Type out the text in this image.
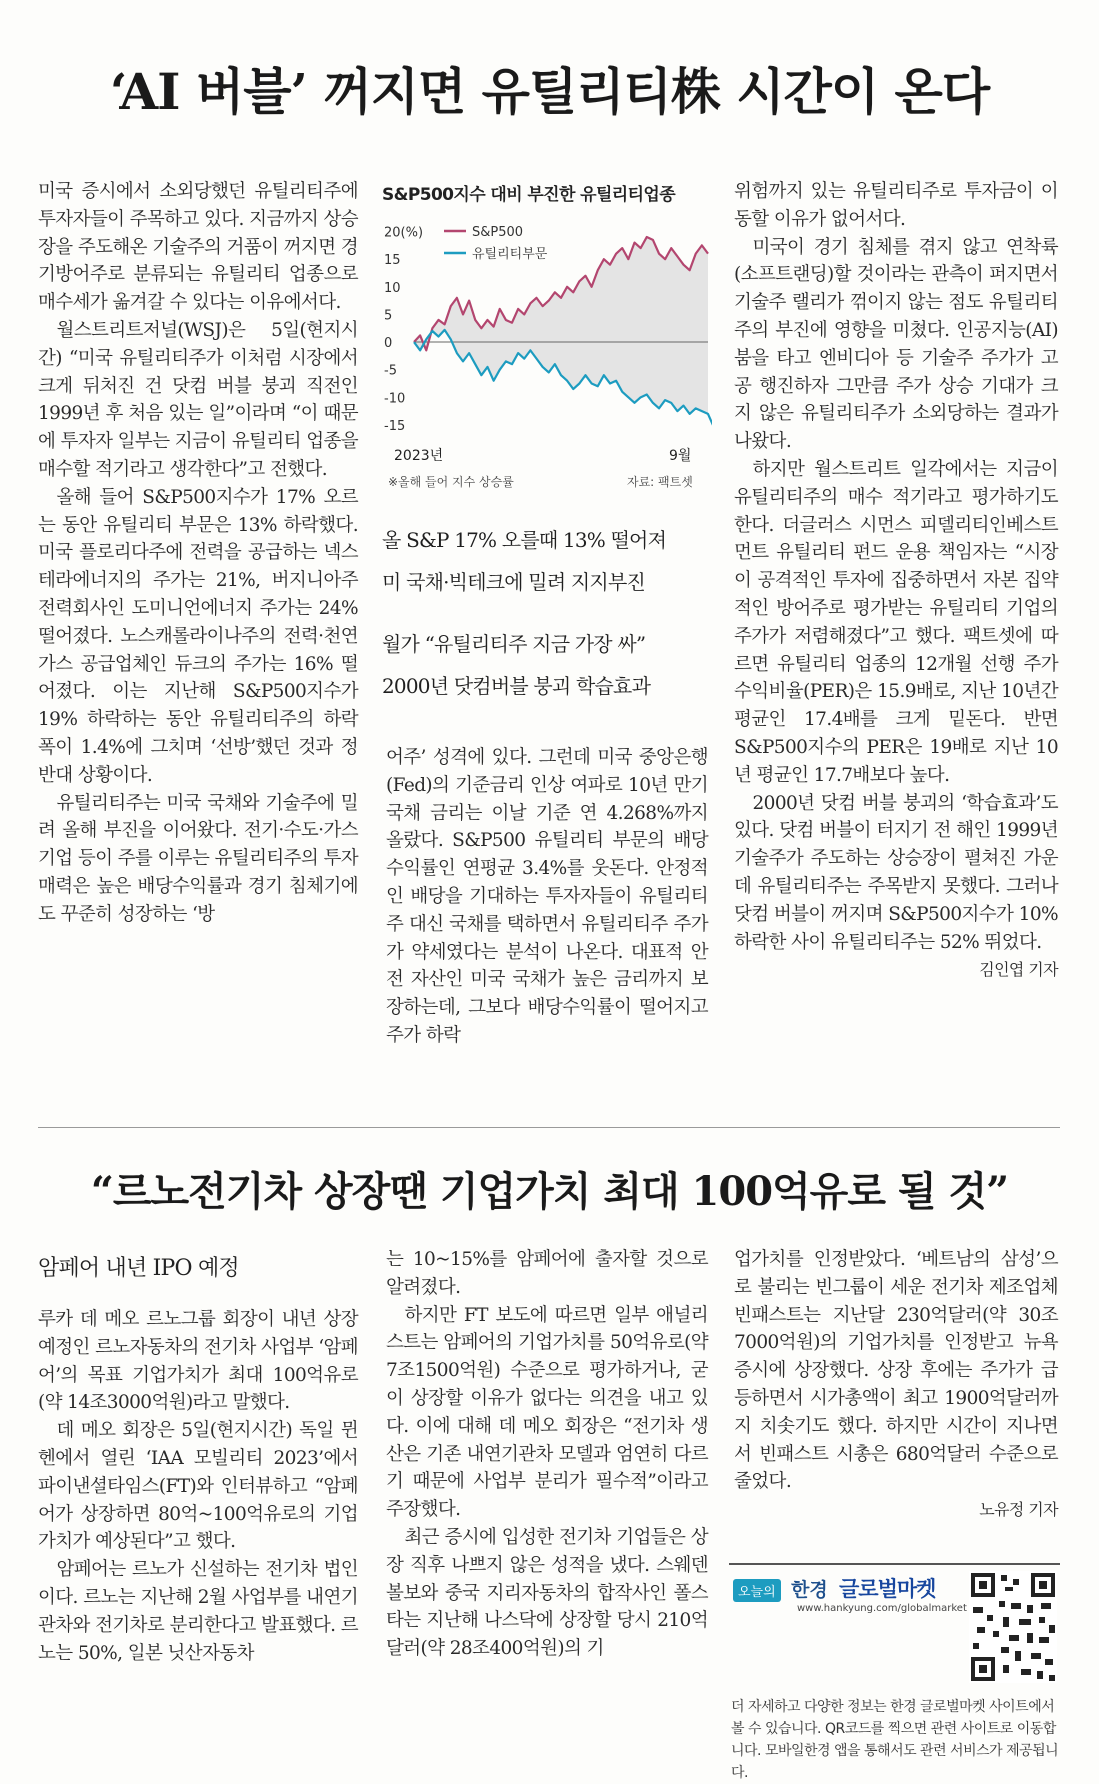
‘AI 버블’ 꺼지면 유틸리티株 시간이 온다

미국 증시에서 소외당했던 유틸리티주에 투자자들이 주목하고 있다. 지금까지 상승장을 주도해온 기술주의 거품이 꺼지면 경기방어주로 분류되는 유틸리티 업종으로 매수세가 옮겨갈 수 있다는 이유에서다.

월스트리트저널(WSJ)은 5일(현지시간) “미국 유틸리티주가 이처럼 시장에서 크게 뒤처진 건 닷컴 버블 붕괴 직전인 1999년 후 처음 있는 일”이라며 “이 때문에 투자자 일부는 지금이 유틸리티 업종을 매수할 적기라고 생각한다”고 전했다.

올해 들어 S&P500지수가 17% 오르는 동안 유틸리티 부문은 13% 하락했다. 미국 플로리다주에 전력을 공급하는 넥스테라에너지의 주가는 21%, 버지니아주 전력회사인 도미니언에너지 주가는 24% 떨어졌다. 노스캐롤라이나주의 전력·천연가스 공급업체인 듀크의 주가는 16% 떨어졌다. 이는 지난해 S&P500지수가 19% 하락하는 동안 유틸리티주의 하락 폭이 1.4%에 그치며 ‘선방’했던 것과 정반대 상황이다.

유틸리티주는 미국 국채와 기술주에 밀려 올해 부진을 이어왔다. 전기·수도·가스 기업 등이 주를 이루는 유틸리티주의 투자 매력은 높은 배당수익률과 경기 침체기에도 꾸준히 성장하는 ‘방

S&P500지수 대비 부진한 유틸리티업종
20(%)
15
10
5
0
-5
-10
-15
S&P500
유틸리티부문
2023년	9월
※올해 들어 지수 상승률	자료: 팩트셋
올 S&P 17% 오를때 13% 떨어져
미 국채·빅테크에 밀려 지지부진
월가 “유틸리티주 지금 가장 싸”
2000년 닷컴버블 붕괴 학습효과

어주’ 성격에 있다. 그런데 미국 중앙은행(Fed)의 기준금리 인상 여파로 10년 만기 국채 금리는 이날 기준 연 4.268%까지 올랐다. S&P500 유틸리티 부문의 배당 수익률인 연평균 3.4%를 웃돈다. 안정적인 배당을 기대하는 투자자들이 유틸리티주 대신 국채를 택하면서 유틸리티주 주가가 약세였다는 분석이 나온다. 대표적 안전 자산인 미국 국채가 높은 금리까지 보장하는데, 그보다 배당수익률이 떨어지고 주가 하락

위험까지 있는 유틸리티주로 투자금이 이동할 이유가 없어서다.

미국이 경기 침체를 겪지 않고 연착륙(소프트랜딩)할 것이라는 관측이 퍼지면서 기술주 랠리가 꺾이지 않는 점도 유틸리티주의 부진에 영향을 미쳤다. 인공지능(AI) 붐을 타고 엔비디아 등 기술주 주가가 고공 행진하자 그만큼 주가 상승 기대가 크지 않은 유틸리티주가 소외당하는 결과가 나왔다.

하지만 월스트리트 일각에서는 지금이 유틸리티주의 매수 적기라고 평가하기도 한다. 더글러스 시먼스 피델리티인베스트먼트 유틸리티 펀드 운용 책임자는 “시장이 공격적인 투자에 집중하면서 자본 집약적인 방어주로 평가받는 유틸리티 기업의 주가가 저렴해졌다”고 했다. 팩트셋에 따르면 유틸리티 업종의 12개월 선행 주가수익비율(PER)은 15.9배로, 지난 10년간 평균인 17.4배를 크게 밑돈다. 반면 S&P500지수의 PER은 19배로 지난 10년 평균인 17.7배보다 높다.

2000년 닷컴 버블 붕괴의 ‘학습효과’도 있다. 닷컴 버블이 터지기 전 해인 1999년 기술주가 주도하는 상승장이 펼쳐진 가운데 유틸리티주는 주목받지 못했다. 그러나 닷컴 버블이 꺼지며 S&P500지수가 10% 하락한 사이 유틸리티주는 52% 뛰었다.

김인엽 기자
“르노전기차 상장땐 기업가치 최대 100억유로 될 것”
암페어 내년 IPO 예정

루카 데 메오 르노그룹 회장이 내년 상장 예정인 르노자동차의 전기차 사업부 ‘암페어’의 목표 기업가치가 최대 100억유로(약 14조3000억원)라고 말했다.

데 메오 회장은 5일(현지시간) 독일 뮌헨에서 열린 ‘IAA 모빌리티 2023’에서 파이낸셜타임스(FT)와 인터뷰하고 “암페어가 상장하면 80억~100억유로의 기업가치가 예상된다”고 했다.

암페어는 르노가 신설하는 전기차 법인이다. 르노는 지난해 2월 사업부를 내연기관차와 전기차로 분리한다고 발표했다. 르노는 50%, 일본 닛산자동차

는 10~15%를 암페어에 출자할 것으로 알려졌다.

하지만 FT 보도에 따르면 일부 애널리스트는 암페어의 기업가치를 50억유로(약 7조1500억원) 수준으로 평가하거나, 굳이 상장할 이유가 없다는 의견을 내고 있다. 이에 대해 데 메오 회장은 “전기차 생산은 기존 내연기관차 모델과 엄연히 다르기 때문에 사업부 분리가 필수적”이라고 주장했다.

최근 증시에 입성한 전기차 기업들은 상장 직후 나쁘지 않은 성적을 냈다. 스웨덴 볼보와 중국 지리자동차의 합작사인 폴스타는 지난해 나스닥에 상장할 당시 210억달러(약 28조400억원)의 기

업가치를 인정받았다. ‘베트남의 삼성’으로 불리는 빈그룹이 세운 전기차 제조업체 빈패스트는 지난달 230억달러(약 30조7000억원)의 기업가치를 인정받고 뉴욕증시에 상장했다. 상장 후에는 주가가 급등하면서 시가총액이 최고 1900억달러까지 치솟기도 했다. 하지만 시간이 지나면서 빈패스트 시총은 680억달러 수준으로 줄었다.

노유정 기자
오늘의 한경 글로벌마켓
www.hankyung.com/globalmarket
더 자세하고 다양한 정보는 한경 글로벌마켓 사이트에서 볼 수 있습니다. QR코드를 찍으면 관련 사이트로 이동합니다. 모바일한경 앱을 통해서도 관련 서비스가 제공됩니다.
